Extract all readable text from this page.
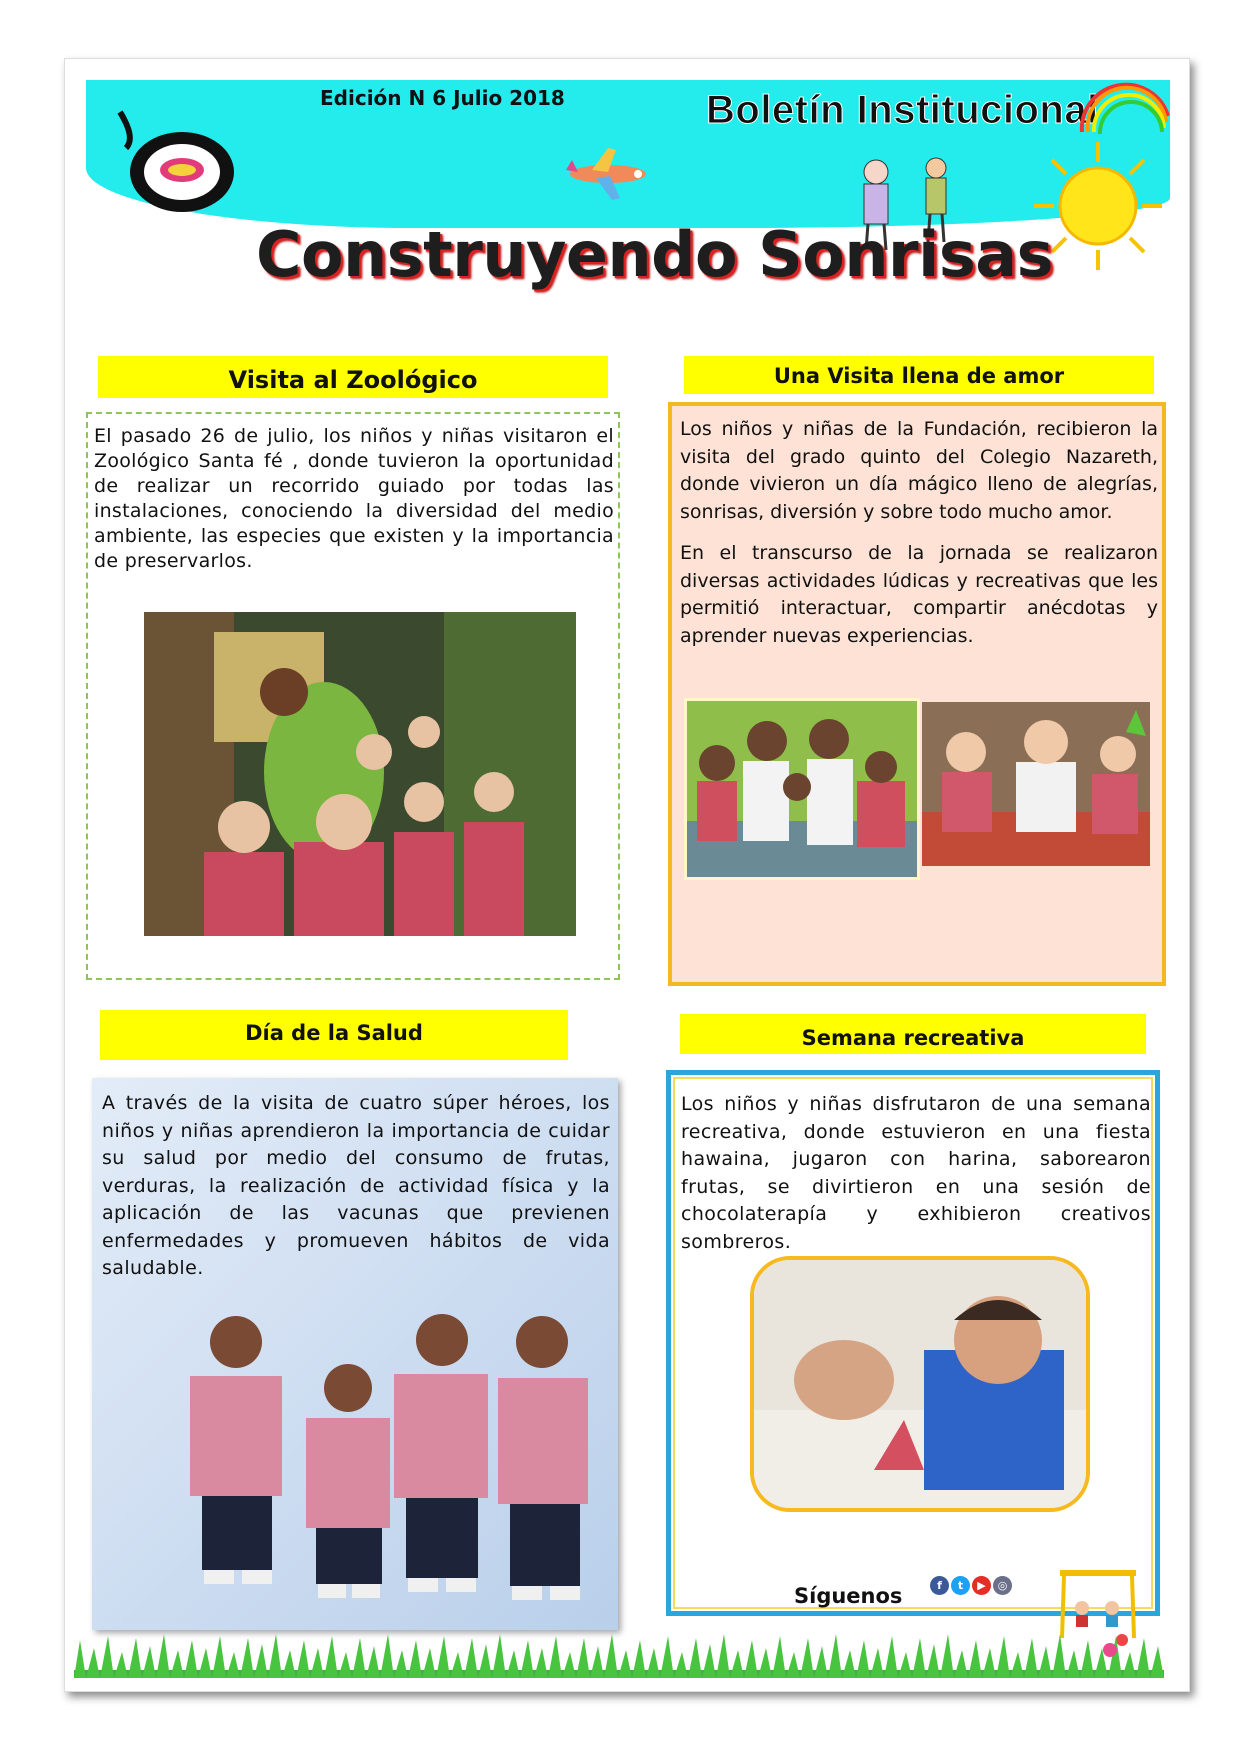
Edición N 6 Julio 2018	Boletín Institucional
Construyendo Sonrisas
Visita al Zoológico

El pasado 26 de julio, los niños y niñas visitaron el Zoológico Santa fé , donde tuvieron la oportunidad de realizar un recorrido guiado por todas las instalaciones, conociendo la diversidad del medio ambiente, las especies que existen y la importancia de preservarlos.

Una Visita llena de amor

Los niños y niñas de la Fundación, recibieron la visita del grado quinto del Colegio Nazareth, donde vivieron un día mágico lleno de alegrías, sonrisas, diversión y sobre todo mucho amor.

En el transcurso de la jornada se realizaron diversas actividades lúdicas y recreativas que les permitió interactuar, compartir anécdotas y aprender nuevas experiencias.

Día de la Salud

A través de la visita de cuatro súper héroes, los niños y niñas aprendieron la importancia de cuidar su salud por medio del consumo de frutas, verduras, la realización de actividad física y la aplicación de las vacunas que previenen enfermedades y promueven hábitos de vida saludable.

Semana recreativa

Los niños y niñas disfrutaron de una semana recreativa, donde estuvieron en una fiesta hawaina, jugaron con harina, saborearon frutas, se divirtieron en una sesión de chocolaterapía y exhibieron creativos sombreros.

Síguenos	f t ▶ ◎
